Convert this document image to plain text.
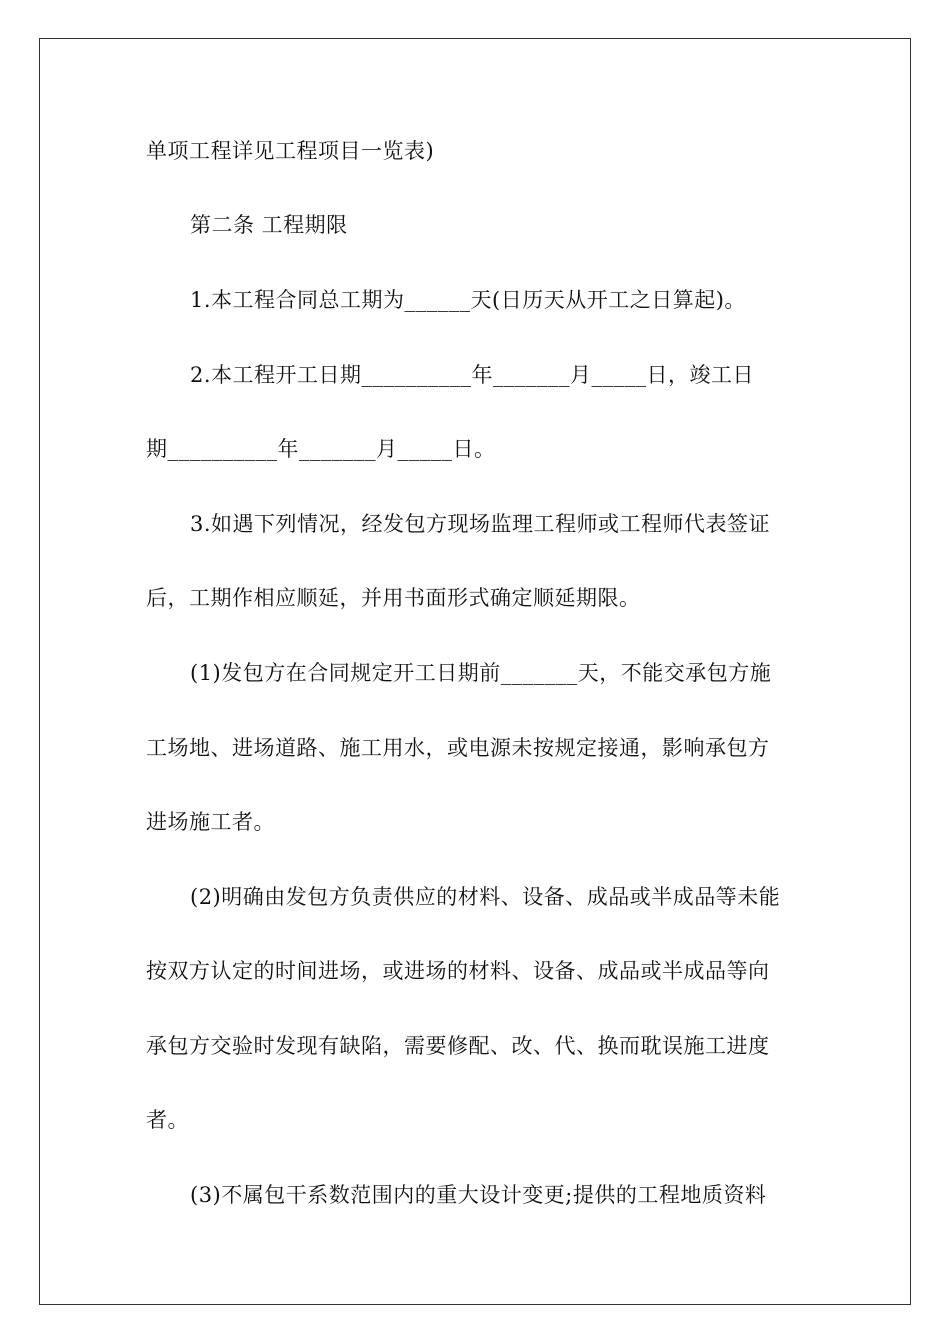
单项工程详见工程项目一览表)
第二条 工程期限
1.本工程合同总工期为______天(日历天从开工之日算起)。
2.本工程开工日期__________年_______月_____日，竣工日
期__________年_______月_____日。
3.如遇下列情况，经发包方现场监理工程师或工程师代表签证
后，工期作相应顺延，并用书面形式确定顺延期限。
(1)发包方在合同规定开工日期前_______天，不能交承包方施
工场地、进场道路、施工用水，或电源未按规定接通，影响承包方
进场施工者。
(2)明确由发包方负责供应的材料、设备、成品或半成品等未能
按双方认定的时间进场，或进场的材料、设备、成品或半成品等向
承包方交验时发现有缺陷，需要修配、改、代、换而耽误施工进度
者。
(3)不属包干系数范围内的重大设计变更;提供的工程地质资料
